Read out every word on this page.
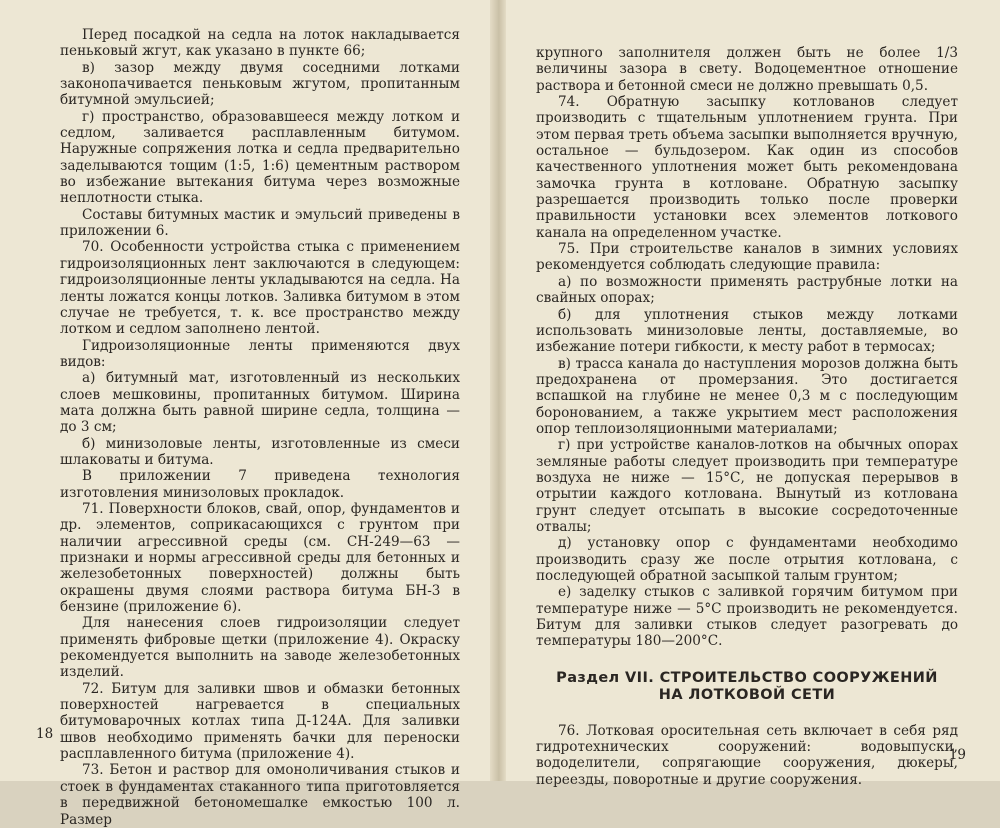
Перед посадкой на седла на лоток накладывается пеньковый жгут, как указано в пункте 66;

в) зазор между двумя соседними лотками законопачивается пеньковым жгутом, пропитанным битумной эмульсией;

г) пространство, образовавшееся между лотком и седлом, заливается расплавленным битумом. Наружные сопряжения лотка и седла предварительно заделываются тощим (1:5, 1:6) цементным раствором во избежание вытекания битума через возможные неплотности стыка.

Составы битумных мастик и эмульсий приведены в приложении 6.

70. Особенности устройства стыка с применением гидроизоляционных лент заключаются в следующем: гидроизоляционные ленты укладываются на седла. На ленты ложатся концы лотков. Заливка битумом в этом случае не требуется, т. к. все пространство между лотком и седлом заполнено лентой.

Гидроизоляционные ленты применяются двух видов:

а) битумный мат, изготовленный из нескольких слоев мешковины, пропитанных битумом. Ширина мата должна быть равной ширине седла, толщина — до 3 см;

б) минизоловые ленты, изготовленные из смеси шлаковаты и битума.

В приложении 7 приведена технология изготовления минизоловых прокладок.

71. Поверхности блоков, свай, опор, фундаментов и др. элементов, соприкасающихся с грунтом при наличии агрессивной среды (см. СН-249—63 — признаки и нормы агрессивной среды для бетонных и железобетонных поверхностей) должны быть окрашены двумя слоями раствора битума БН-3 в бензине (приложение 6).

Для нанесения слоев гидроизоляции следует применять фибровые щетки (приложение 4). Окраску рекомендуется выполнить на заводе железобетонных изделий.

72. Битум для заливки швов и обмазки бетонных поверхностей нагревается в специальных битумоварочных котлах типа Д-124А. Для заливки швов необходимо применять бачки для переноски расплавленного битума (приложение 4).

73. Бетон и раствор для омоноличивания стыков и стоек в фундаментах стаканного типа приготовляется в передвижной бетономешалке емкостью 100 л. Размер

18

крупного заполнителя должен быть не более 1/3 величины зазора в свету. Водоцементное отношение раствора и бетонной смеси не должно превышать 0,5.

74. Обратную засыпку котлованов следует производить с тщательным уплотнением грунта. При этом первая треть объема засыпки выполняется вручную, остальное — бульдозером. Как один из способов качественного уплотнения может быть рекомендована замочка грунта в котловане. Обратную засыпку разрешается производить только после проверки правильности установки всех элементов лоткового канала на определенном участке.

75. При строительстве каналов в зимних условиях рекомендуется соблюдать следующие правила:

а) по возможности применять раструбные лотки на свайных опорах;

б) для уплотнения стыков между лотками использовать минизоловые ленты, доставляемые, во избежание потери гибкости, к месту работ в термосах;

в) трасса канала до наступления морозов должна быть предохранена от промерзания. Это достигается вспашкой на глубине не менее 0,3 м с последующим боронованием, а также укрытием мест расположения опор теплоизоляционными материалами;

г) при устройстве каналов-лотков на обычных опорах земляные работы следует производить при температуре воздуха не ниже — 15°С, не допуская перерывов в отрытии каждого котлована. Вынутый из котлована грунт следует отсыпать в высокие сосредоточенные отвалы;

д) установку опор с фундаментами необходимо производить сразу же после отрытия котлована, с последующей обратной засыпкой талым грунтом;

е) заделку стыков с заливкой горячим битумом при температуре ниже — 5°С производить не рекомендуется. Битум для заливки стыков следует разогревать до температуры 180—200°С.

Раздел VII. СТРОИТЕЛЬСТВО СООРУЖЕНИЙ
НА ЛОТКОВОЙ СЕТИ

76. Лотковая оросительная сеть включает в себя ряд гидротехнических сооружений: водовыпуски, вододелители, сопрягающие сооружения, дюкеры, переезды, поворотные и другие сооружения.

19
